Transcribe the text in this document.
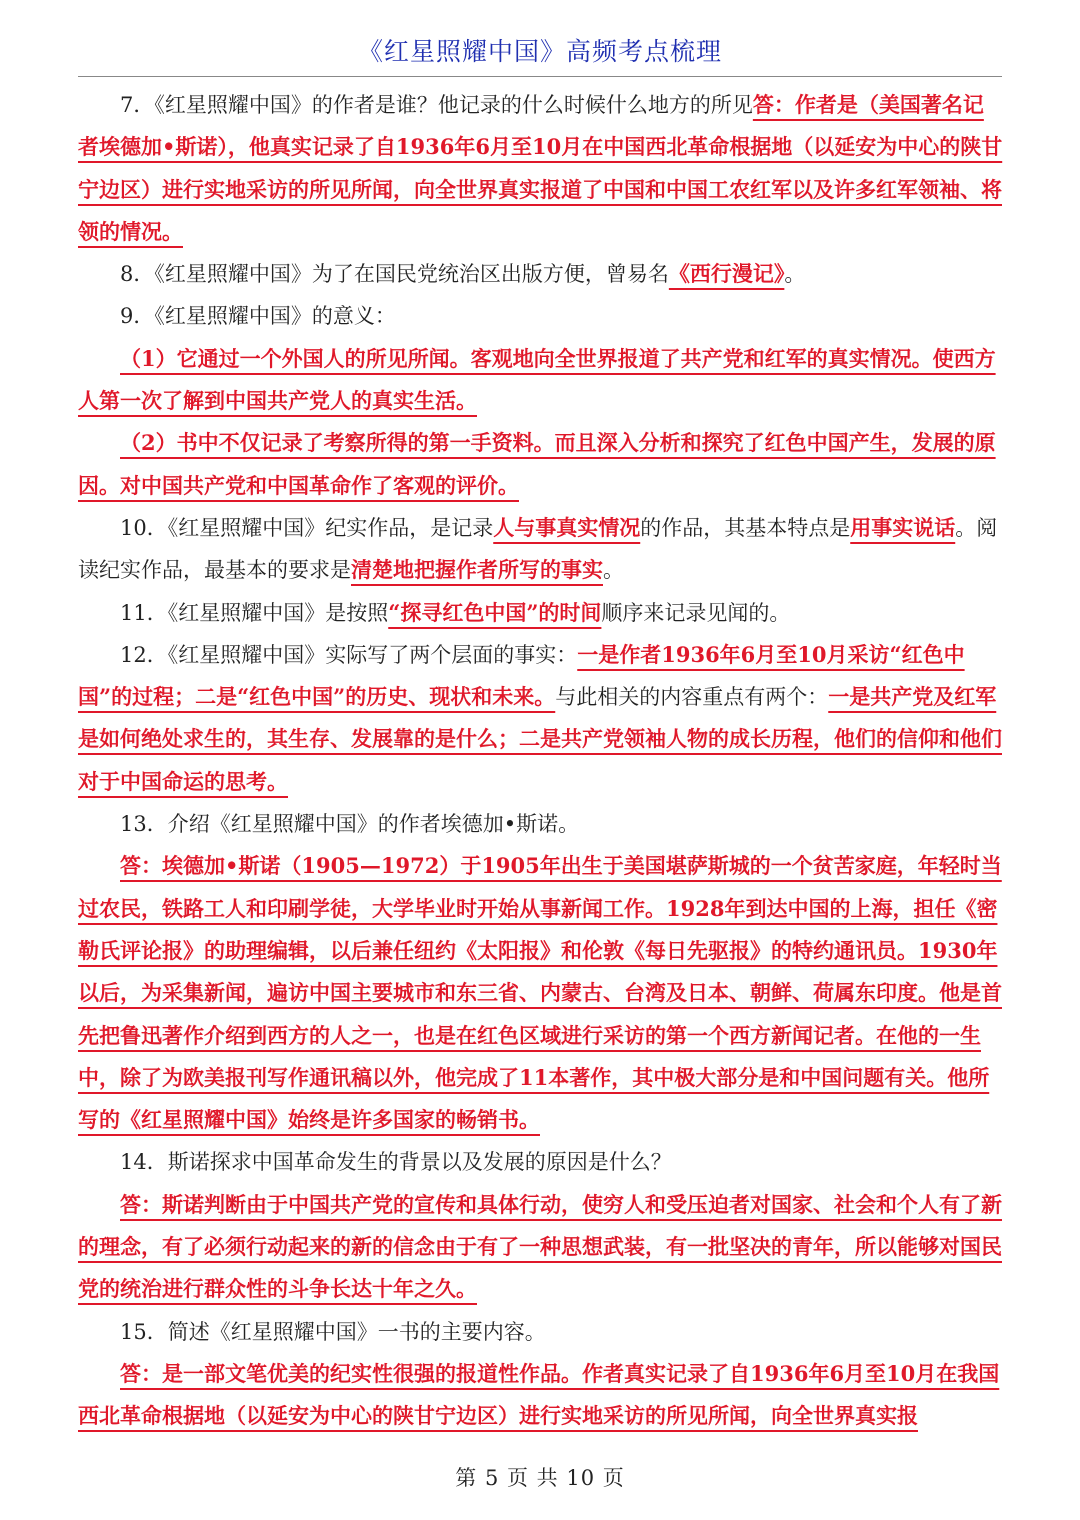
《红星照耀中国》高频考点梳理

7．《红星照耀中国》的作者是谁？他记录的什么时候什么地方的所见答：作者是（美国著名记者埃德加•斯诺），他真实记录了自1936年6月至10月在中国西北革命根据地（以延安为中心的陕甘宁边区）进行实地采访的所见所闻，向全世界真实报道了中国和中国工农红军以及许多红军领袖、将领的情况。

8．《红星照耀中国》为了在国民党统治区出版方便，曾易名《西行漫记》。

9．《红星照耀中国》的意义：

（1）它通过一个外国人的所见所闻。客观地向全世界报道了共产党和红军的真实情况。使西方人第一次了解到中国共产党人的真实生活。

（2）书中不仅记录了考察所得的第一手资料。而且深入分析和探究了红色中国产生，发展的原因。对中国共产党和中国革命作了客观的评价。

10．《红星照耀中国》纪实作品，是记录人与事真实情况的作品，其基本特点是用事实说话。阅读纪实作品，最基本的要求是清楚地把握作者所写的事实。

11．《红星照耀中国》是按照“探寻红色中国”的时间顺序来记录见闻的。

12．《红星照耀中国》实际写了两个层面的事实：一是作者1936年6月至10月采访“红色中国”的过程；二是“红色中国”的历史、现状和未来。与此相关的内容重点有两个：一是共产党及红军是如何绝处求生的，其生存、发展靠的是什么；二是共产党领袖人物的成长历程，他们的信仰和他们对于中国命运的思考。

13．介绍《红星照耀中国》的作者埃德加•斯诺。

答：埃德加•斯诺（1905—1972）于1905年出生于美国堪萨斯城的一个贫苦家庭，年轻时当过农民，铁路工人和印刷学徒，大学毕业时开始从事新闻工作。1928年到达中国的上海，担任《密勒氏评论报》的助理编辑，以后兼任纽约《太阳报》和伦敦《每日先驱报》的特约通讯员。1930年以后，为采集新闻，遍访中国主要城市和东三省、内蒙古、台湾及日本、朝鲜、荷属东印度。他是首先把鲁迅著作介绍到西方的人之一，也是在红色区域进行采访的第一个西方新闻记者。在他的一生中，除了为欧美报刊写作通讯稿以外，他完成了11本著作，其中极大部分是和中国问题有关。他所写的《红星照耀中国》始终是许多国家的畅销书。

14．斯诺探求中国革命发生的背景以及发展的原因是什么？

答：斯诺判断由于中国共产党的宣传和具体行动，使穷人和受压迫者对国家、社会和个人有了新的理念，有了必须行动起来的新的信念由于有了一种思想武装，有一批坚决的青年，所以能够对国民党的统治进行群众性的斗争长达十年之久。

15．简述《红星照耀中国》一书的主要内容。

答：是一部文笔优美的纪实性很强的报道性作品。作者真实记录了自1936年6月至10月在我国西北革命根据地（以延安为中心的陕甘宁边区）进行实地采访的所见所闻，向全世界真实报

第 5 页 共 10 页
